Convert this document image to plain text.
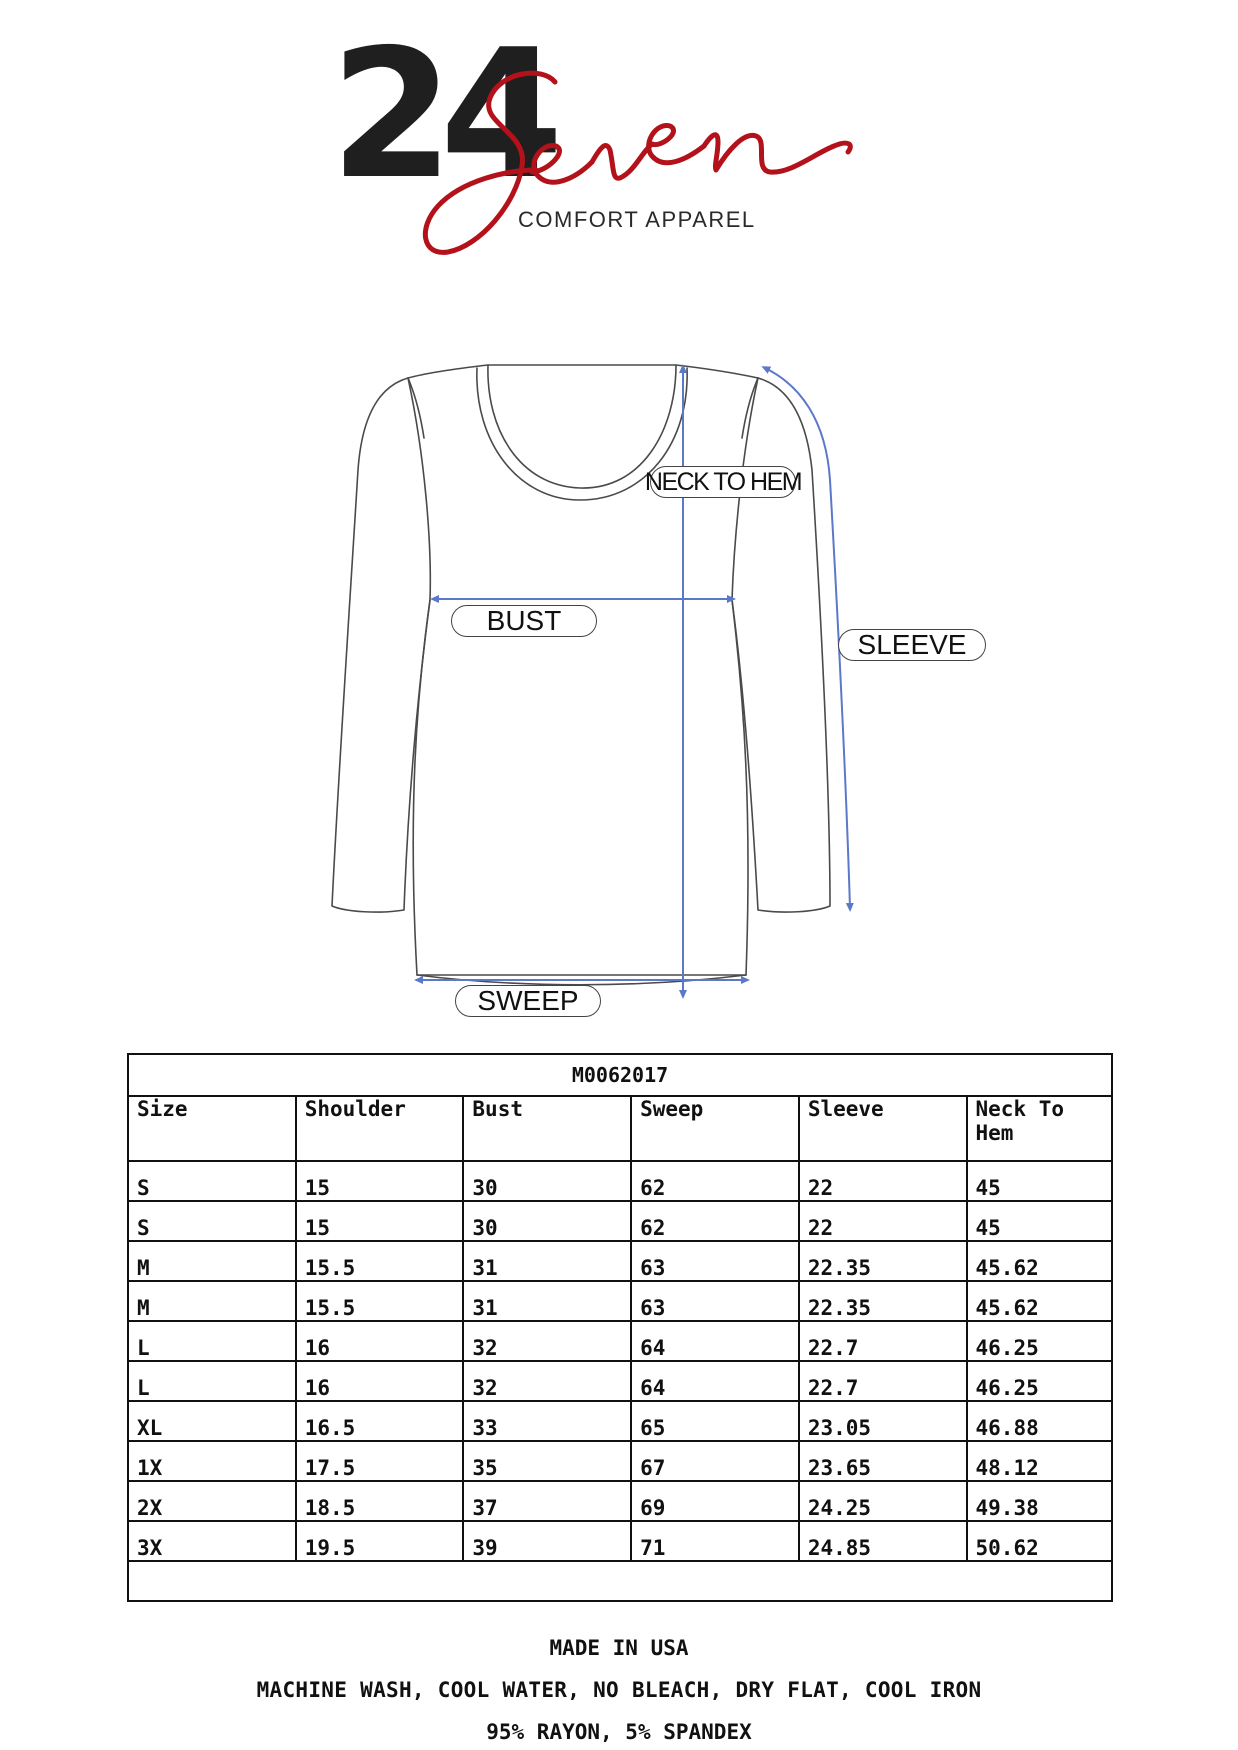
24
COMFORT APPAREL
NECK TO HEM
BUST
SLEEVE
SWEEP
M0062017					
Size	Shoulder	Bust	Sweep	Sleeve	Neck To Hem
S	15	30	62	22	45
S	15	30	62	22	45
M	15.5	31	63	22.35	45.62
M	15.5	31	63	22.35	45.62
L	16	32	64	22.7	46.25
L	16	32	64	22.7	46.25
XL	16.5	33	65	23.05	46.88
1X	17.5	35	67	23.65	48.12
2X	18.5	37	69	24.25	49.38
3X	19.5	39	71	24.85	50.62

MADE IN USA
MACHINE WASH, COOL WATER, NO BLEACH, DRY FLAT, COOL IRON
95% RAYON, 5% SPANDEX
